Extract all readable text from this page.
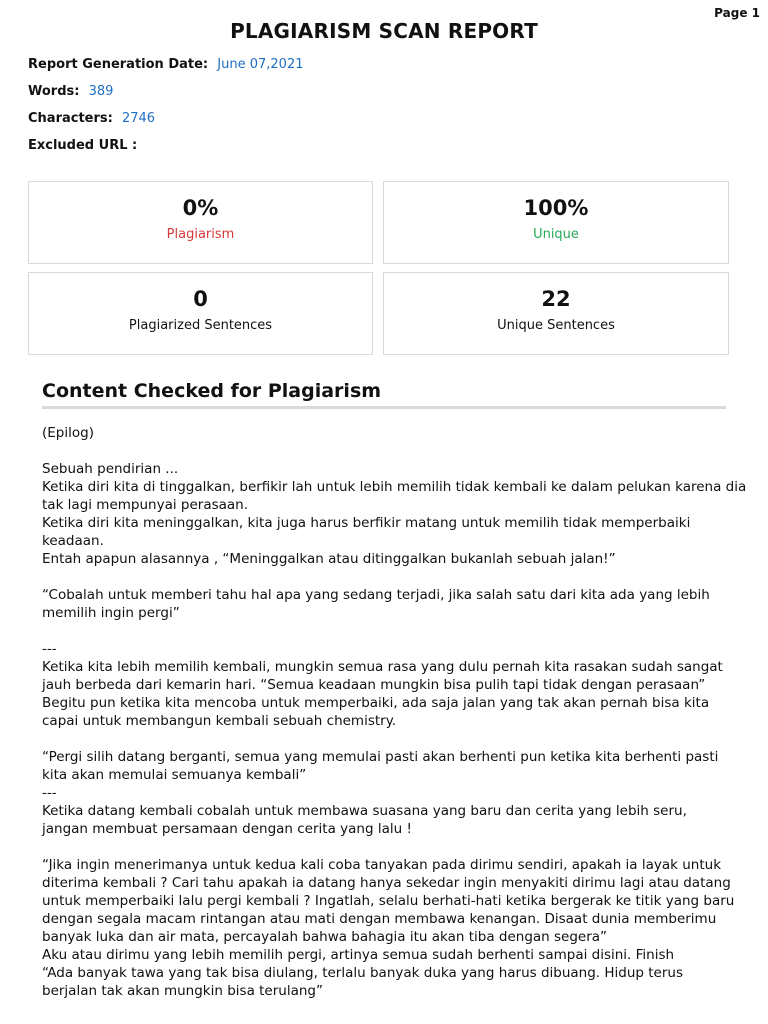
Page 1
PLAGIARISM SCAN REPORT
Report Generation Date: June 07,2021
Words: 389
Characters: 2746
Excluded URL :
0%
Plagiarism
100%
Unique
0
Plagiarized Sentences
22
Unique Sentences
Content Checked for Plagiarism
(Epilog)
Sebuah pendirian ...
Ketika diri kita di tinggalkan, berfikir lah untuk lebih memilih tidak kembali ke dalam pelukan karena dia
tak lagi mempunyai perasaan.
Ketika diri kita meninggalkan, kita juga harus berfikir matang untuk memilih tidak memperbaiki
keadaan.
Entah apapun alasannya , “Meninggalkan atau ditinggalkan bukanlah sebuah jalan!”
“Cobalah untuk memberi tahu hal apa yang sedang terjadi, jika salah satu dari kita ada yang lebih
memilih ingin pergi”
---
Ketika kita lebih memilih kembali, mungkin semua rasa yang dulu pernah kita rasakan sudah sangat
jauh berbeda dari kemarin hari. “Semua keadaan mungkin bisa pulih tapi tidak dengan perasaan”
Begitu pun ketika kita mencoba untuk memperbaiki, ada saja jalan yang tak akan pernah bisa kita
capai untuk membangun kembali sebuah chemistry.
“Pergi silih datang berganti, semua yang memulai pasti akan berhenti pun ketika kita berhenti pasti
kita akan memulai semuanya kembali”
---
Ketika datang kembali cobalah untuk membawa suasana yang baru dan cerita yang lebih seru,
jangan membuat persamaan dengan cerita yang lalu !
“Jika ingin menerimanya untuk kedua kali coba tanyakan pada dirimu sendiri, apakah ia layak untuk
diterima kembali ? Cari tahu apakah ia datang hanya sekedar ingin menyakiti dirimu lagi atau datang
untuk memperbaiki lalu pergi kembali ? Ingatlah, selalu berhati-hati ketika bergerak ke titik yang baru
dengan segala macam rintangan atau mati dengan membawa kenangan. Disaat dunia memberimu
banyak luka dan air mata, percayalah bahwa bahagia itu akan tiba dengan segera”
Aku atau dirimu yang lebih memilih pergi, artinya semua sudah berhenti sampai disini. Finish
“Ada banyak tawa yang tak bisa diulang, terlalu banyak duka yang harus dibuang. Hidup terus
berjalan tak akan mungkin bisa terulang”
